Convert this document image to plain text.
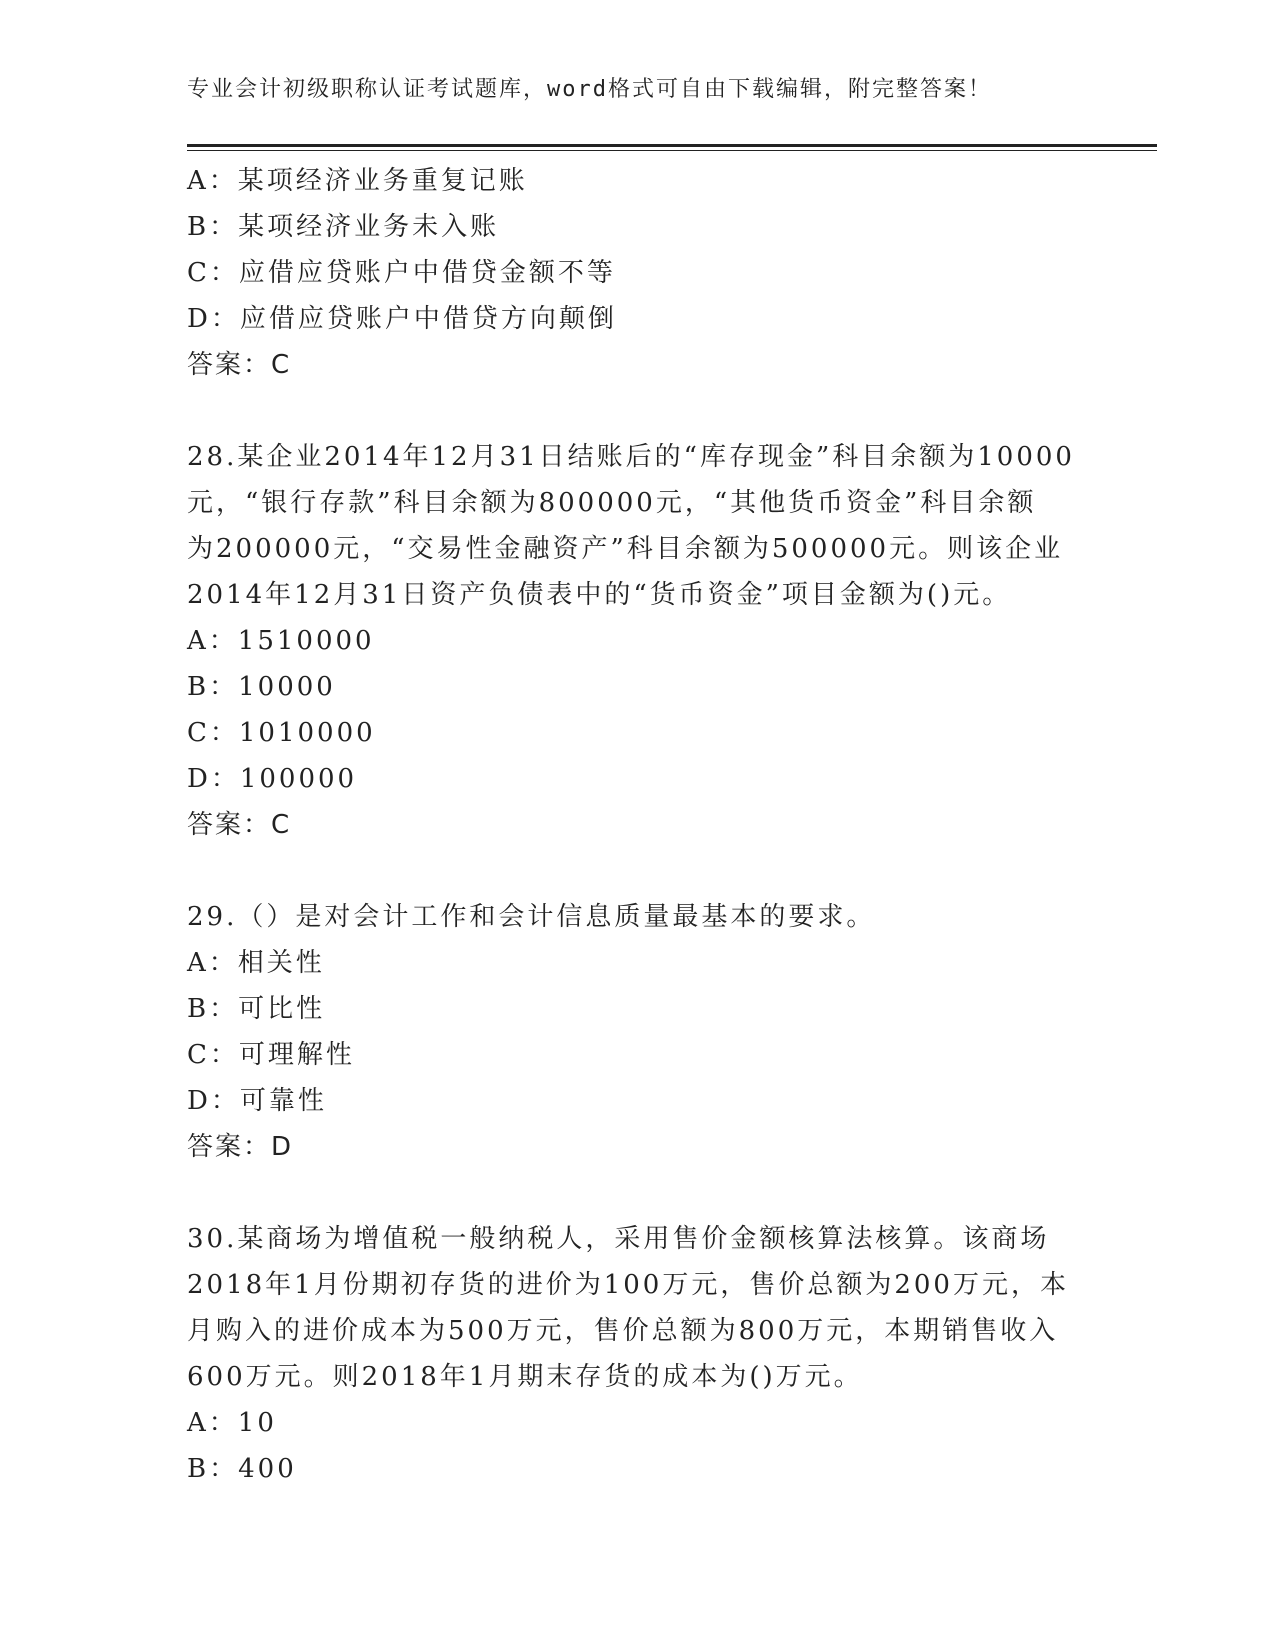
专业会计初级职称认证考试题库，word格式可自由下载编辑，附完整答案！
A：某项经济业务重复记账
B：某项经济业务未入账
C：应借应贷账户中借贷金额不等
D：应借应贷账户中借贷方向颠倒
答案：C
28.某企业2014年12月31日结账后的“库存现金”科目余额为10000
元，“银行存款”科目余额为800000元，“其他货币资金”科目余额
为200000元，“交易性金融资产”科目余额为500000元。则该企业
2014年12月31日资产负债表中的“货币资金”项目金额为()元。
A：1510000
B：10000
C：1010000
D：100000
答案：C
29.（）是对会计工作和会计信息质量最基本的要求。
A：相关性
B：可比性
C：可理解性
D：可靠性
答案：D
30.某商场为增值税一般纳税人，采用售价金额核算法核算。该商场
2018年1月份期初存货的进价为100万元，售价总额为200万元，本
月购入的进价成本为500万元，售价总额为800万元，本期销售收入
600万元。则2018年1月期末存货的成本为()万元。
A：10
B：400
